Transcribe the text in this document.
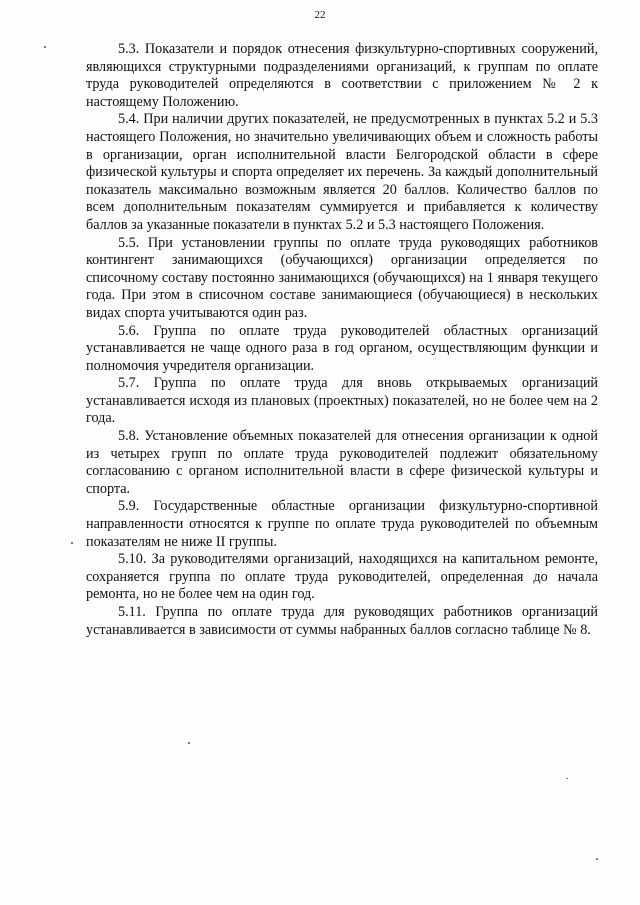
22

5.3. Показатели и порядок отнесения физкультурно-спортивных сооружений, являющихся структурными подразделениями организаций, к группам по оплате труда руководителей определяются в соответствии с приложением № 2 к настоящему Положению.

5.4. При наличии других показателей, не предусмотренных в пунктах 5.2 и 5.3 настоящего Положения, но значительно увеличивающих объем и сложность работы в организации, орган исполнительной власти Белгородской области в сфере физической культуры и спорта определяет их перечень. За каждый дополнительный показатель максимально возможным является 20 баллов. Количество баллов по всем дополнительным показателям суммируется и прибавляется к количеству баллов за указанные показатели в пунктах 5.2 и 5.3 настоящего Положения.

5.5. При установлении группы по оплате труда руководящих работников контингент занимающихся (обучающихся) организации определяется по списочному составу постоянно занимающихся (обучающихся) на 1 января текущего года. При этом в списочном составе занимающиеся (обучающиеся) в нескольких видах спорта учитываются один раз.

5.6. Группа по оплате труда руководителей областных организаций устанавливается не чаще одного раза в год органом, осуществляющим функции и полномочия учредителя организации.

5.7. Группа по оплате труда для вновь открываемых организаций устанавливается исходя из плановых (проектных) показателей, но не более чем на 2 года.

5.8. Установление объемных показателей для отнесения организации к одной из четырех групп по оплате труда руководителей подлежит обязательному согласованию с органом исполнительной власти в сфере физической культуры и спорта.

5.9. Государственные областные организации физкультурно-спортивной направленности относятся к группе по оплате труда руководителей по объемным показателям не ниже II группы.

5.10. За руководителями организаций, находящихся на капитальном ремонте, сохраняется группа по оплате труда руководителей, определенная до начала ремонта, но не более чем на один год.

5.11. Группа по оплате труда для руководящих работников организаций устанавливается в зависимости от суммы набранных баллов согласно таблице № 8.
